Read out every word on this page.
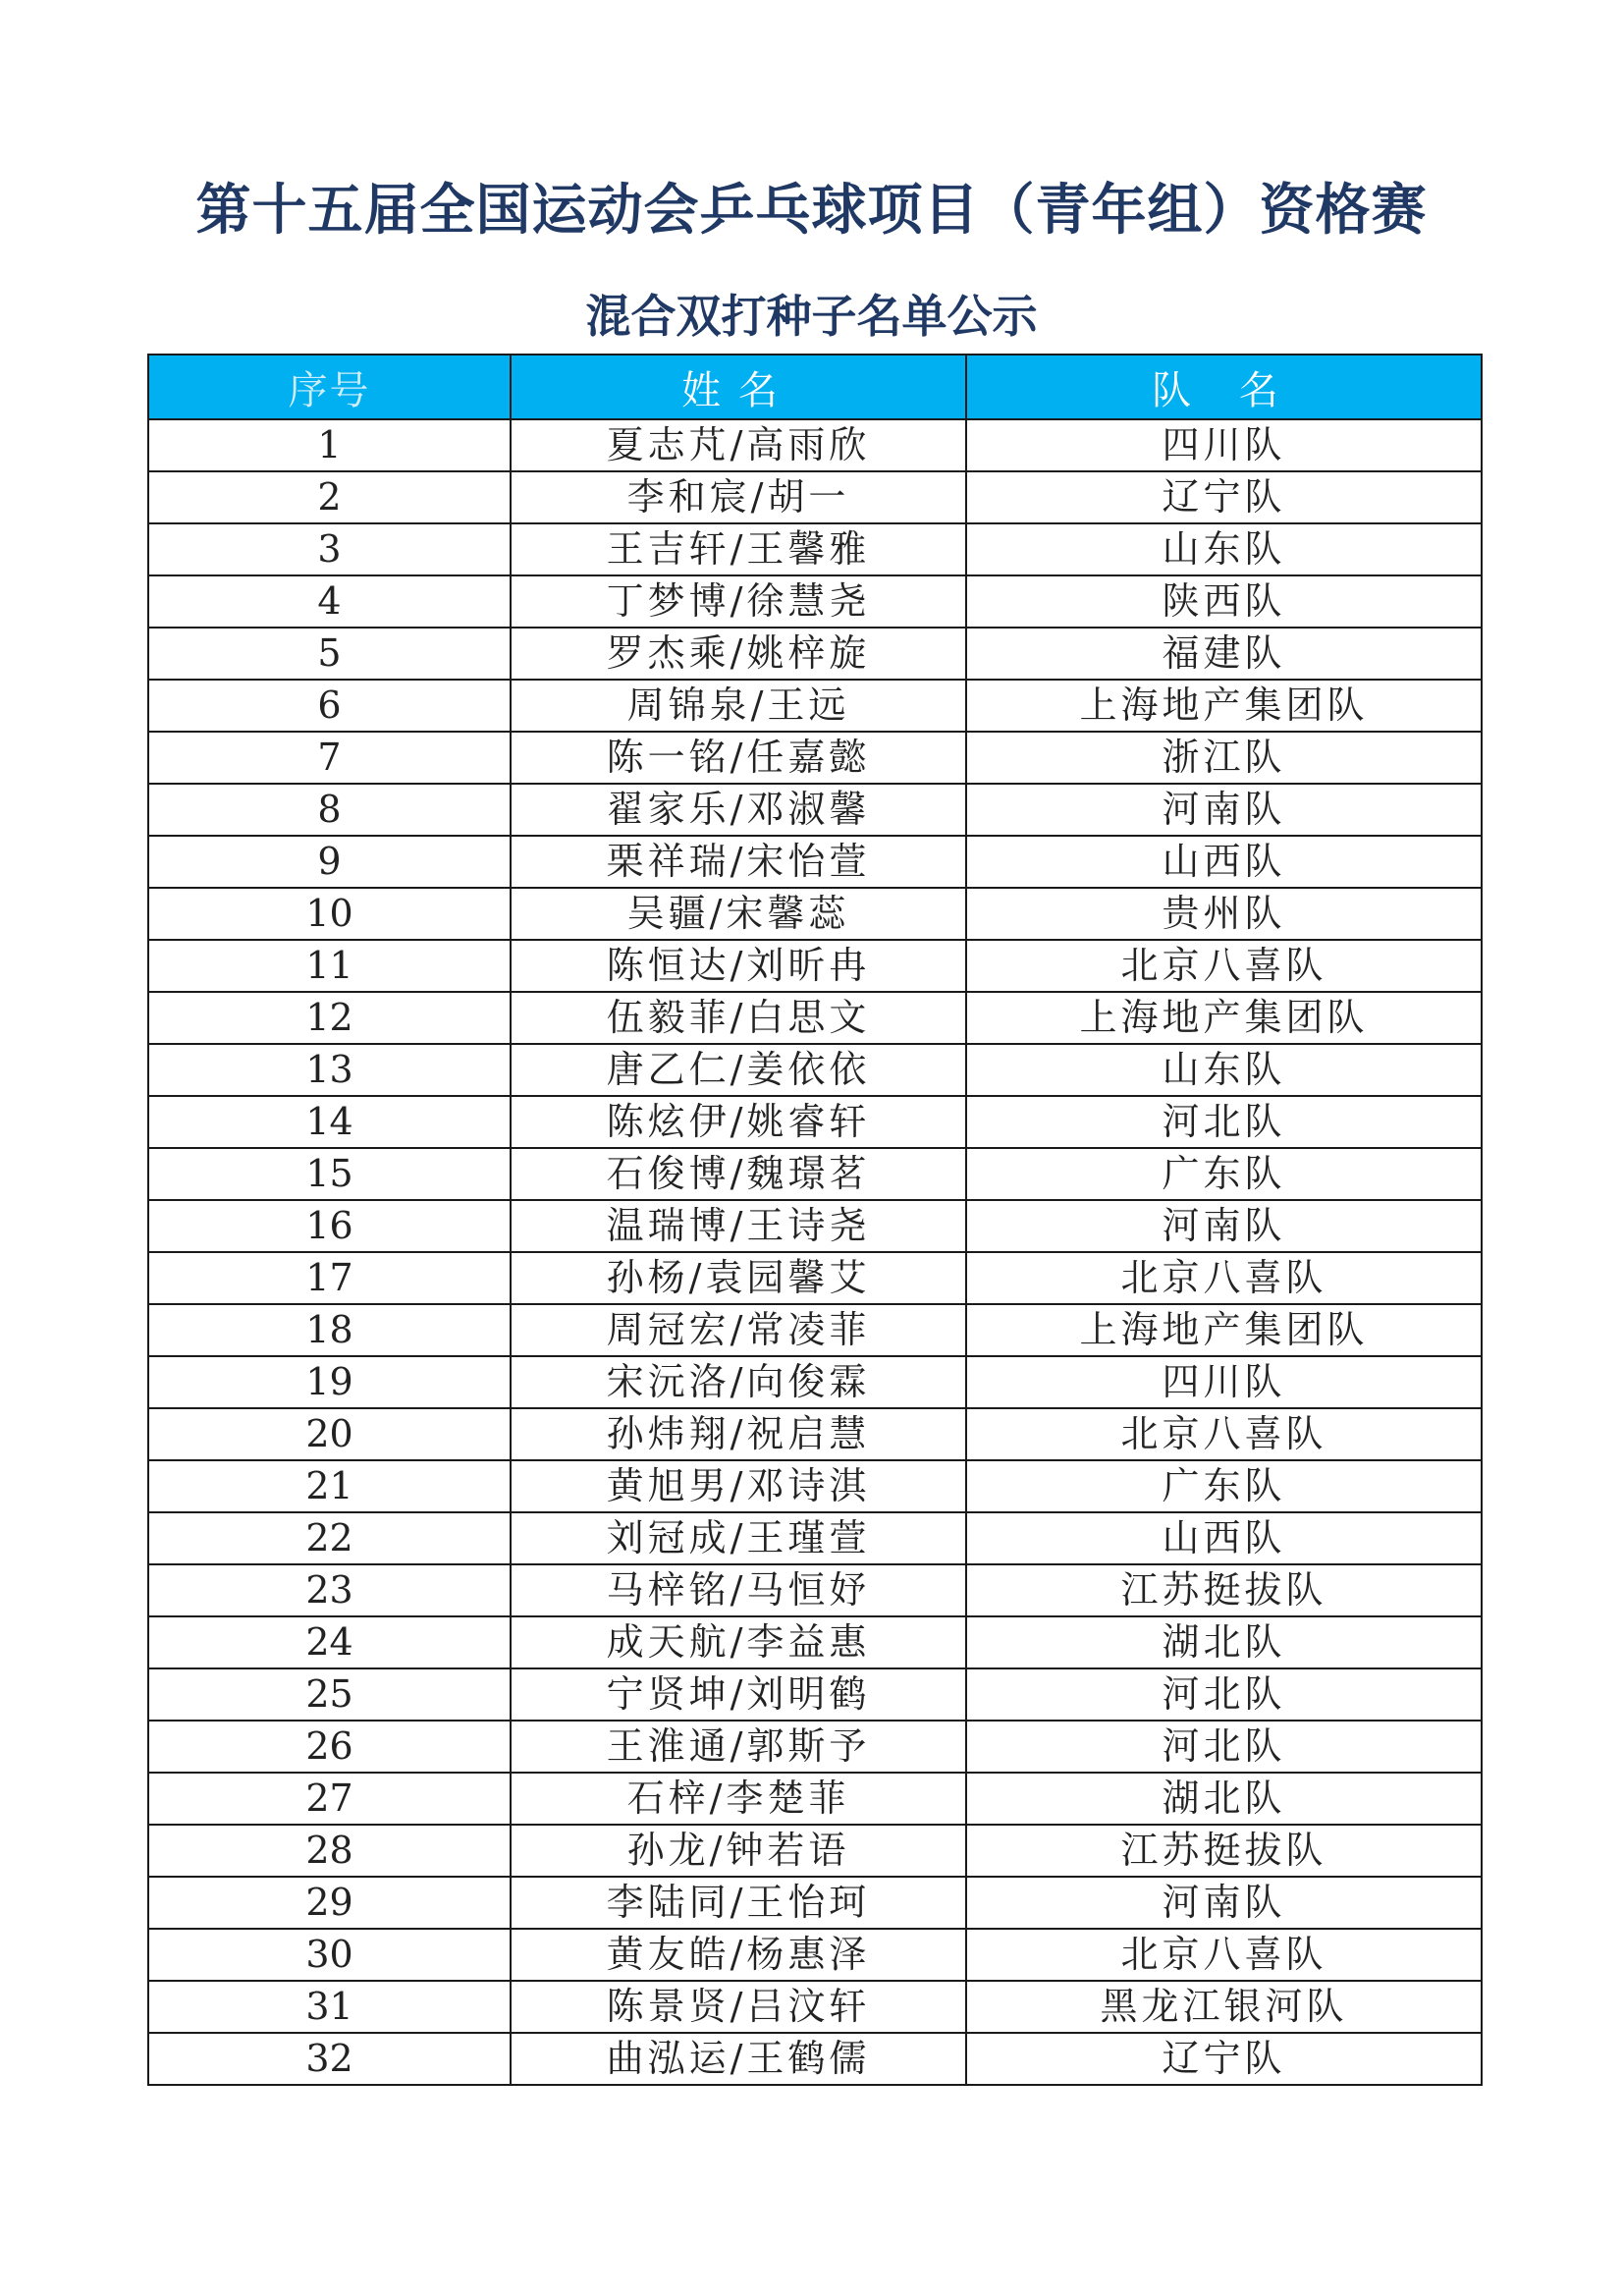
第十五届全国运动会乒乓球项目（青年组）资格赛
混合双打种子名单公示
序号	姓名	队 名
1	夏志芃/高雨欣	四川队
2	李和宸/胡一	辽宁队
3	王吉轩/王馨雅	山东队
4	丁梦博/徐慧尧	陕西队
5	罗杰乘/姚梓旋	福建队
6	周锦泉/王远	上海地产集团队
7	陈一铭/任嘉懿	浙江队
8	翟家乐/邓淑馨	河南队
9	栗祥瑞/宋怡萱	山西队
10	吴疆/宋馨蕊	贵州队
11	陈恒达/刘昕冉	北京八喜队
12	伍毅菲/白思文	上海地产集团队
13	唐乙仁/姜依依	山东队
14	陈炫伊/姚睿轩	河北队
15	石俊博/魏璟茗	广东队
16	温瑞博/王诗尧	河南队
17	孙杨/袁园馨艾	北京八喜队
18	周冠宏/常凌菲	上海地产集团队
19	宋沅洛/向俊霖	四川队
20	孙炜翔/祝启慧	北京八喜队
21	黄旭男/邓诗淇	广东队
22	刘冠成/王瑾萱	山西队
23	马梓铭/马恒妤	江苏挺拔队
24	成天航/李益惠	湖北队
25	宁贤坤/刘明鹤	河北队
26	王淮通/郭斯予	河北队
27	石梓/李楚菲	湖北队
28	孙龙/钟若语	江苏挺拔队
29	李陆同/王怡珂	河南队
30	黄友皓/杨惠泽	北京八喜队
31	陈景贤/吕汶轩	黑龙江银河队
32	曲泓运/王鹤儒	辽宁队
